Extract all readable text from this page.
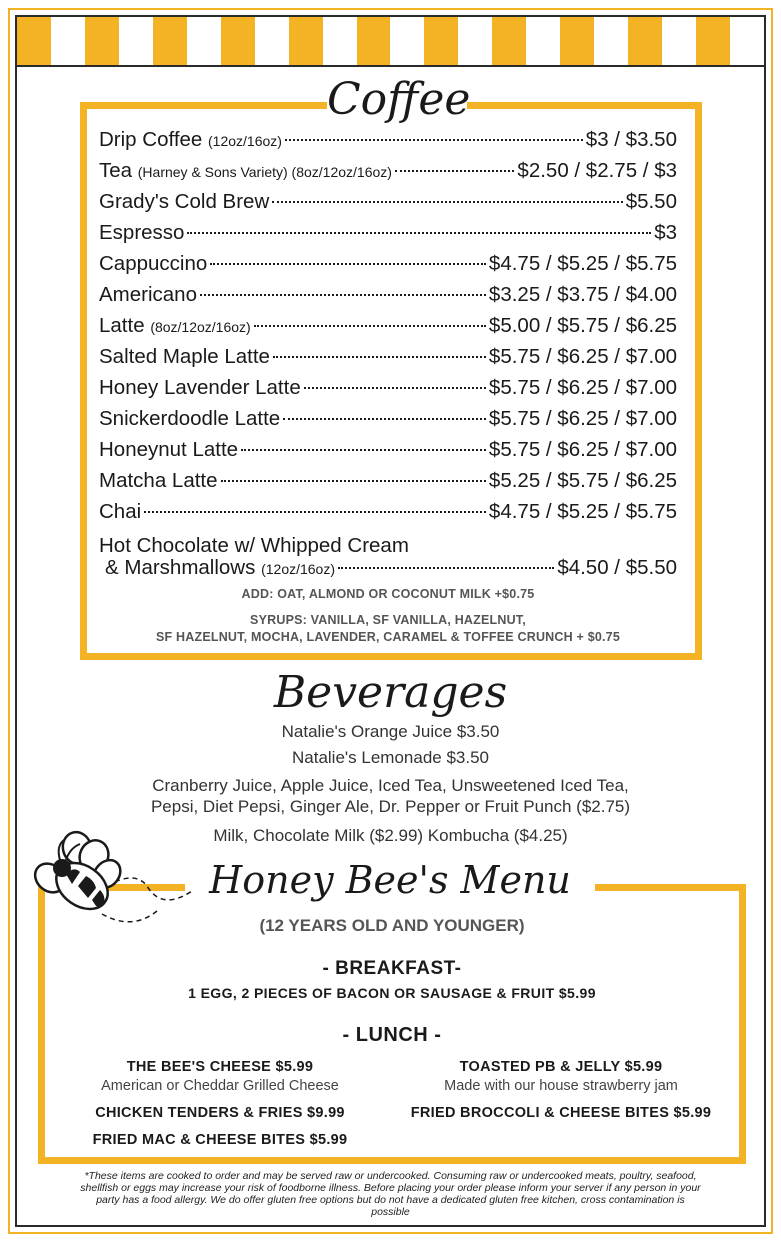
Coffee
Drip Coffee (12oz/16oz)	$3 / $3.50
Tea (Harney & Sons Variety) (8oz/12oz/16oz)	$2.50 / $2.75 / $3
Grady's Cold Brew	$5.50
Espresso	$3
Cappuccino	$4.75 / $5.25 / $5.75
Americano	$3.25 / $3.75 / $4.00
Latte (8oz/12oz/16oz)	$5.00 / $5.75 / $6.25
Salted Maple Latte	$5.75 / $6.25 / $7.00
Honey Lavender Latte	$5.75 / $6.25 / $7.00
Snickerdoodle Latte	$5.75 / $6.25 / $7.00
Honeynut Latte	$5.75 / $6.25 / $7.00
Matcha Latte	$5.25 / $5.75 / $6.25
Chai	$4.75 / $5.25 / $5.75
Hot Chocolate w/ Whipped Cream
& Marshmallows (12oz/16oz)	$4.50 / $5.50
ADD: OAT, ALMOND OR COCONUT MILK +$0.75
SYRUPS: VANILLA, SF VANILLA, HAZELNUT,
SF HAZELNUT, MOCHA, LAVENDER, CARAMEL & TOFFEE CRUNCH + $0.75
Beverages
Natalie's Orange Juice $3.50
Natalie's Lemonade $3.50
Cranberry Juice, Apple Juice, Iced Tea, Unsweetened Iced Tea,
Pepsi, Diet Pepsi, Ginger Ale, Dr. Pepper or Fruit Punch ($2.75)
Milk, Chocolate Milk ($2.99) Kombucha ($4.25)
Honey Bee's Menu
(12 YEARS OLD AND YOUNGER)
- BREAKFAST-
1 EGG, 2 PIECES OF BACON OR SAUSAGE & FRUIT $5.99
- LUNCH -
THE BEE'S CHEESE $5.99
American or Cheddar Grilled Cheese
CHICKEN TENDERS & FRIES $9.99
FRIED MAC & CHEESE BITES $5.99
TOASTED PB & JELLY $5.99
Made with our house strawberry jam
FRIED BROCCOLI & CHEESE BITES $5.99
*These items are cooked to order and may be served raw or undercooked. Consuming raw or undercooked meats, poultry, seafood, shellfish or eggs may increase your risk of foodborne illness. Before placing your order please inform your server if any person in your party has a food allergy. We do offer gluten free options but do not have a dedicated gluten free kitchen, cross contamination is possible
